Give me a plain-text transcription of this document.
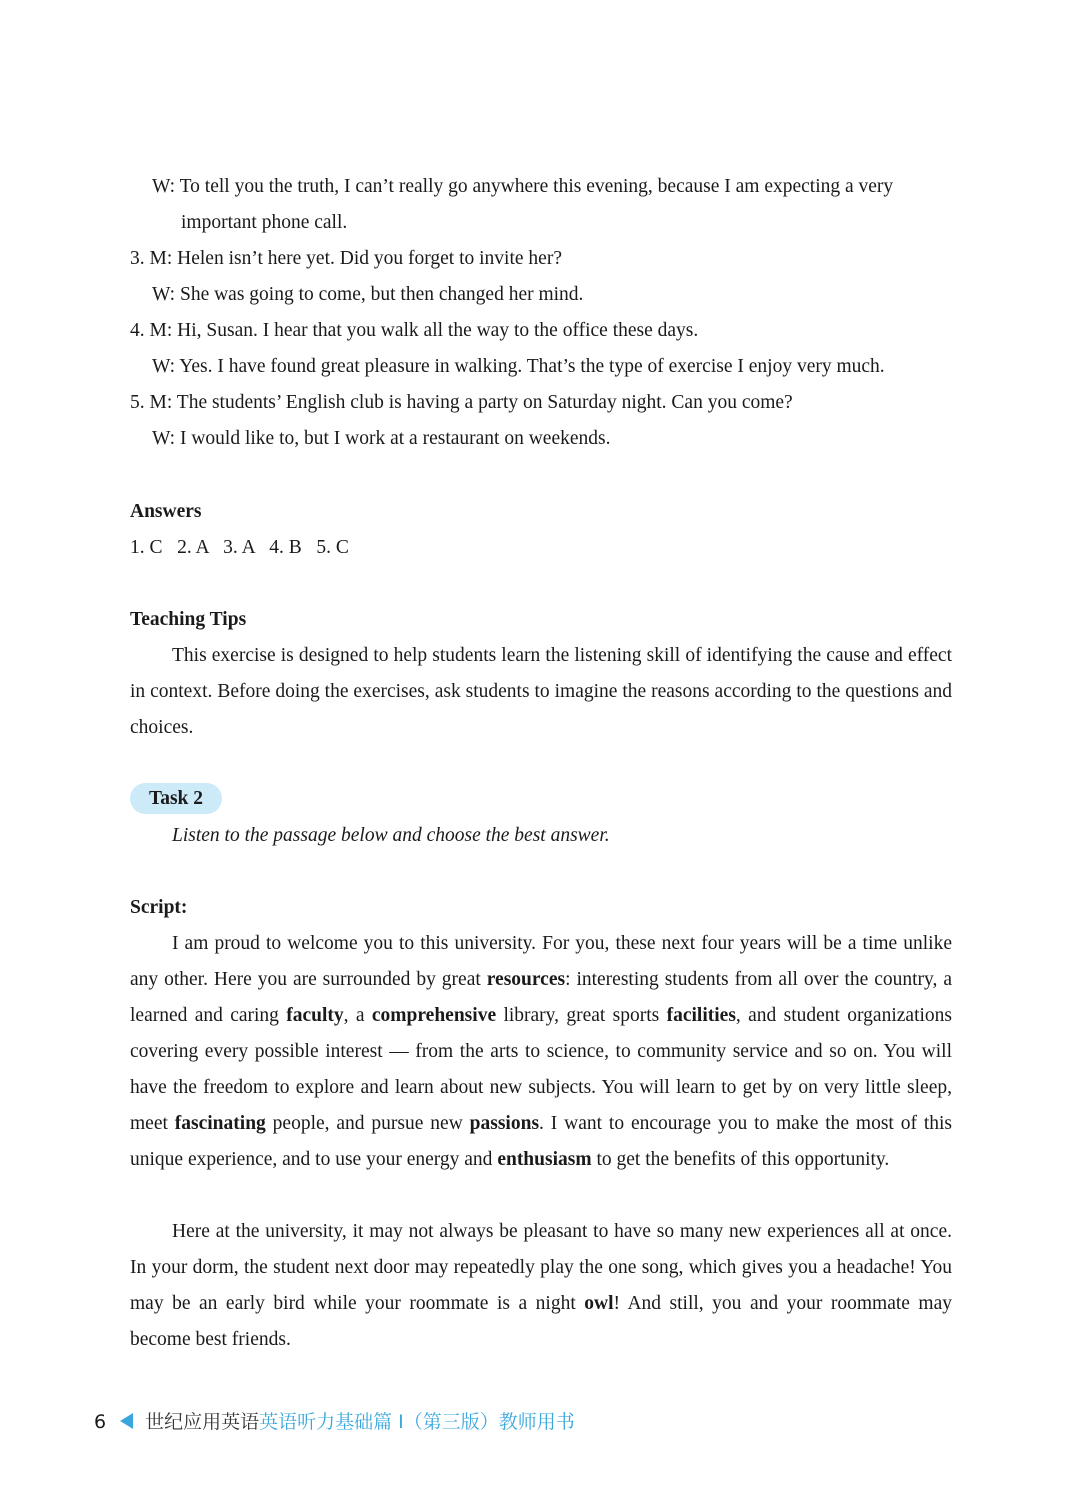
W: To tell you the truth, I can’t really go anywhere this evening, because I am expecting a very

important phone call.

3. M: Helen isn’t here yet. Did you forget to invite her?

W: She was going to come, but then changed her mind.

4. M: Hi, Susan. I hear that you walk all the way to the office these days.

W: Yes. I have found great pleasure in walking. That’s the type of exercise I enjoy very much.

5. M: The students’ English club is having a party on Saturday night. Can you come?

W: I would like to, but I work at a restaurant on weekends.

Answers

1. C   2. A   3. A   4. B   5. C

Teaching Tips

This exercise is designed to help students learn the listening skill of identifying the cause and effect in context. Before doing the exercises, ask students to imagine the reasons according to the questions and choices.

Task 2

Listen to the passage below and choose the best answer.

Script:

I am proud to welcome you to this university. For you, these next four years will be a time unlike any other. Here you are surrounded by great resources: interesting students from all over the country, a learned and caring faculty, a comprehensive library, great sports facilities, and student organizations covering every possible interest — from the arts to science, to community service and so on. You will have the freedom to explore and learn about new subjects. You will learn to get by on very little sleep, meet fascinating people, and pursue new passions. I want to encourage you to make the most of this unique experience, and to use your energy and enthusiasm to get the benefits of this opportunity.

Here at the university, it may not always be pleasant to have so many new experiences all at once. In your dorm, the student next door may repeatedly play the one song, which gives you a headache! You may be an early bird while your roommate is a night owl! And still, you and your roommate may become best friends.

6 世纪应用英语英语听力基础篇 I（第三版）教师用书
